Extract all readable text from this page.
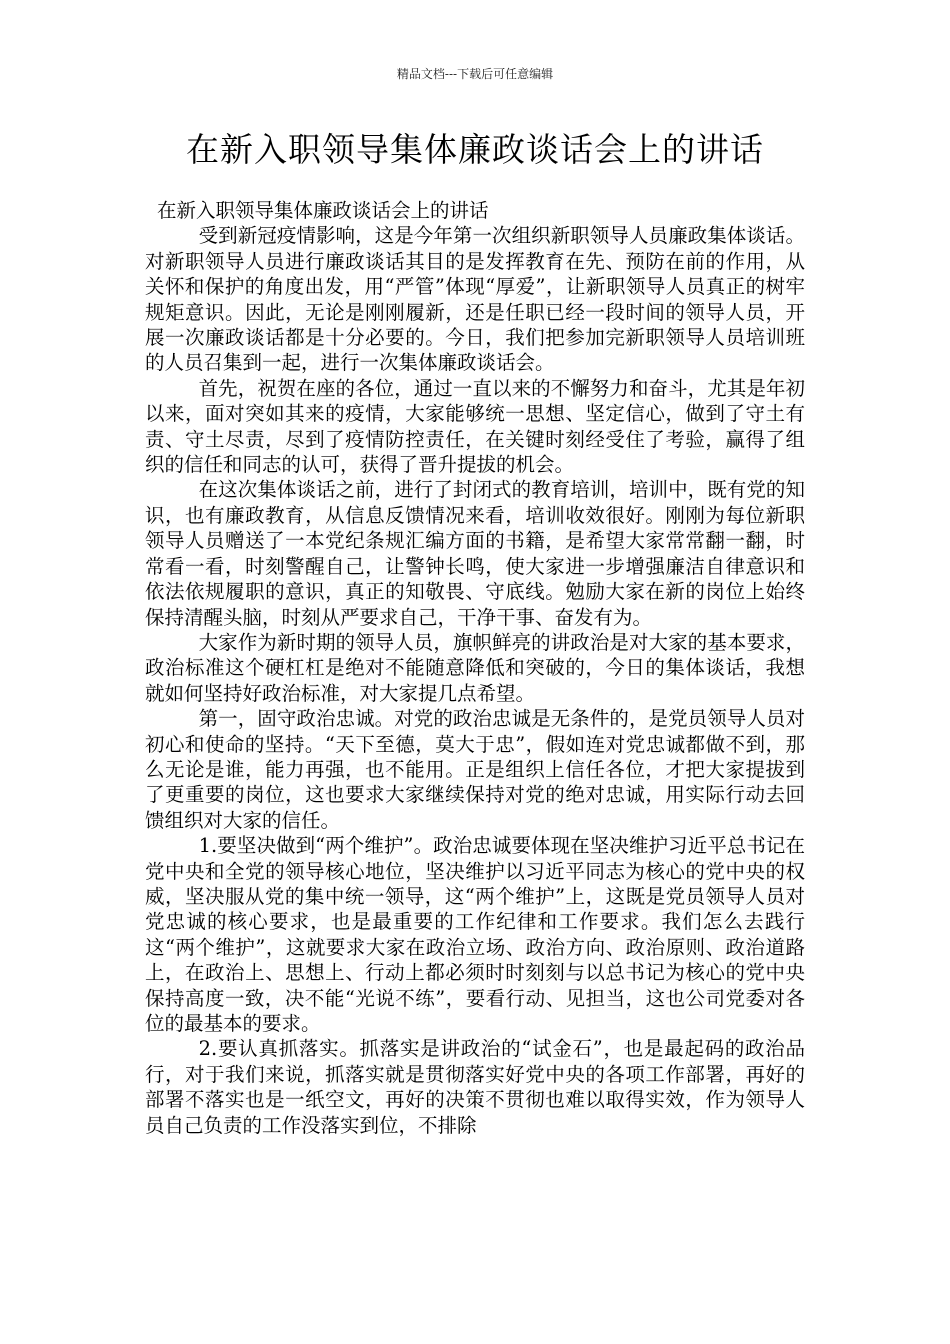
精品文档---下载后可任意编辑
在新入职领导集体廉政谈话会上的讲话

在新入职领导集体廉政谈话会上的讲话

受到新冠疫情影响，这是今年第一次组织新职领导人员廉政集体谈话。对新职领导人员进行廉政谈话其目的是发挥教育在先、预防在前的作用，从关怀和保护的角度出发，用“严管”体现“厚爱”，让新职领导人员真正的树牢规矩意识。因此，无论是刚刚履新，还是任职已经一段时间的领导人员，开展一次廉政谈话都是十分必要的。今日，我们把参加完新职领导人员培训班的人员召集到一起，进行一次集体廉政谈话会。

首先，祝贺在座的各位，通过一直以来的不懈努力和奋斗，尤其是年初以来，面对突如其来的疫情，大家能够统一思想、坚定信心，做到了守土有责、守土尽责，尽到了疫情防控责任，在关键时刻经受住了考验，赢得了组织的信任和同志的认可，获得了晋升提拔的机会。

在这次集体谈话之前，进行了封闭式的教育培训，培训中，既有党的知识，也有廉政教育，从信息反馈情况来看，培训收效很好。刚刚为每位新职领导人员赠送了一本党纪条规汇编方面的书籍，是希望大家常常翻一翻，时常看一看，时刻警醒自己，让警钟长鸣，使大家进一步增强廉洁自律意识和依法依规履职的意识，真正的知敬畏、守底线。勉励大家在新的岗位上始终保持清醒头脑，时刻从严要求自己，干净干事、奋发有为。

大家作为新时期的领导人员，旗帜鲜亮的讲政治是对大家的基本要求，政治标准这个硬杠杠是绝对不能随意降低和突破的，今日的集体谈话，我想就如何坚持好政治标准，对大家提几点希望。

第一，固守政治忠诚。对党的政治忠诚是无条件的，是党员领导人员对初心和使命的坚持。“天下至德，莫大于忠”，假如连对党忠诚都做不到，那么无论是谁，能力再强，也不能用。正是组织上信任各位，才把大家提拔到了更重要的岗位，这也要求大家继续保持对党的绝对忠诚，用实际行动去回馈组织对大家的信任。

1.要坚决做到“两个维护”。政治忠诚要体现在坚决维护习近平总书记在党中央和全党的领导核心地位，坚决维护以习近平同志为核心的党中央的权威，坚决服从党的集中统一领导，这“两个维护”上，这既是党员领导人员对党忠诚的核心要求，也是最重要的工作纪律和工作要求。我们怎么去践行这“两个维护”，这就要求大家在政治立场、政治方向、政治原则、政治道路上，在政治上、思想上、行动上都必须时时刻刻与以总书记为核心的党中央保持高度一致，决不能“光说不练”，要看行动、见担当，这也公司党委对各位的最基本的要求。

2.要认真抓落实。抓落实是讲政治的“试金石”，也是最起码的政治品行，对于我们来说，抓落实就是贯彻落实好党中央的各项工作部署，再好的部署不落实也是一纸空文，再好的决策不贯彻也难以取得实效，作为领导人员自己负责的工作没落实到位，不排除
